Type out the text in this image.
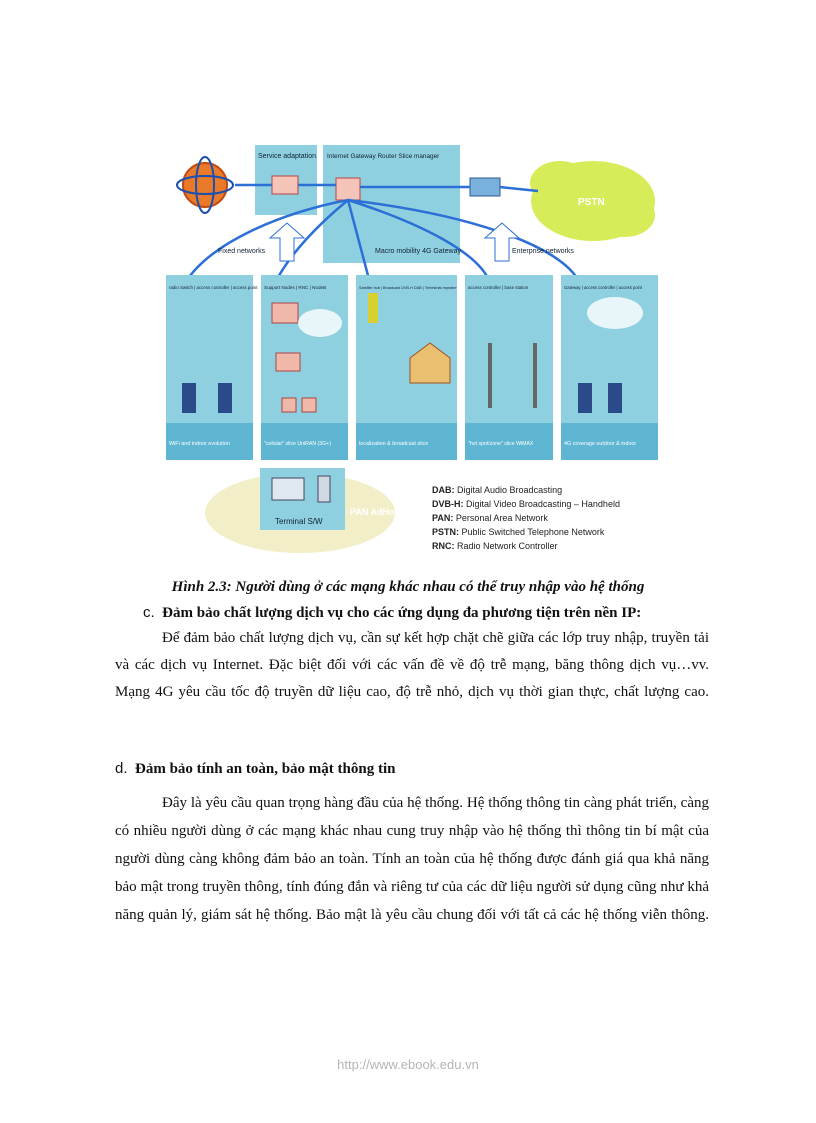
Worldwide Internet
Service adaptation Internet Gateway Router Slice manager
Macro mobility 4G Gateway
PSTN
Fixed networks	Enterprise networks
radio Switch | access controller | access point Support Nodes | RNC | NodeB	Satellite hub | Broadcast DVB-H DAB | Terrestrial repeater	access controller | base station	Gateway | access controller | access point
WiFi and indoor evolution	"cellular" slice UniRAN (3G+)	localization & broadcast slice	"hot spot/zone" slice WiMAX	4G coverage outdoor & indoor
Terminal S/W
PAN AdHoc
DAB: Digital Audio Broadcasting
DVB-H: Digital Video Broadcasting – Handheld
PAN: Personal Area Network
PSTN: Public Switched Telephone Network
RNC: Radio Network Controller
Hình 2.3: Người dùng ở các mạng khác nhau có thể truy nhập vào hệ thống
c. Đảm bảo chất lượng dịch vụ cho các ứng dụng đa phương tiện trên nền IP:

Để đảm bảo chất lượng dịch vụ, cần sự kết hợp chặt chẽ giữa các lớp truy nhập, truyền tải và các dịch vụ Internet. Đặc biệt đối với các vấn đề về độ trễ mạng, băng thông dịch vụ…vv. Mạng 4G yêu cầu tốc độ truyền dữ liệu cao, độ trễ nhỏ, dịch vụ thời gian thực, chất lượng cao.

d. Đảm bảo tính an toàn, bảo mật thông tin

Đây là yêu cầu quan trọng hàng đầu của hệ thống. Hệ thống thông tin càng phát triển, càng có nhiều người dùng ở các mạng khác nhau cung truy nhập vào hệ thống thì thông tin bí mật của người dùng càng không đảm bảo an toàn. Tính an toàn của hệ thống được đánh giá qua khả năng bảo mật trong truyền thông, tính đúng đắn và riêng tư của các dữ liệu người sử dụng cũng như khả năng quản lý, giám sát hệ thống. Bảo mật là yêu cầu chung đối với tất cả các hệ thống viễn thông.

http://www.ebook.edu.vn
